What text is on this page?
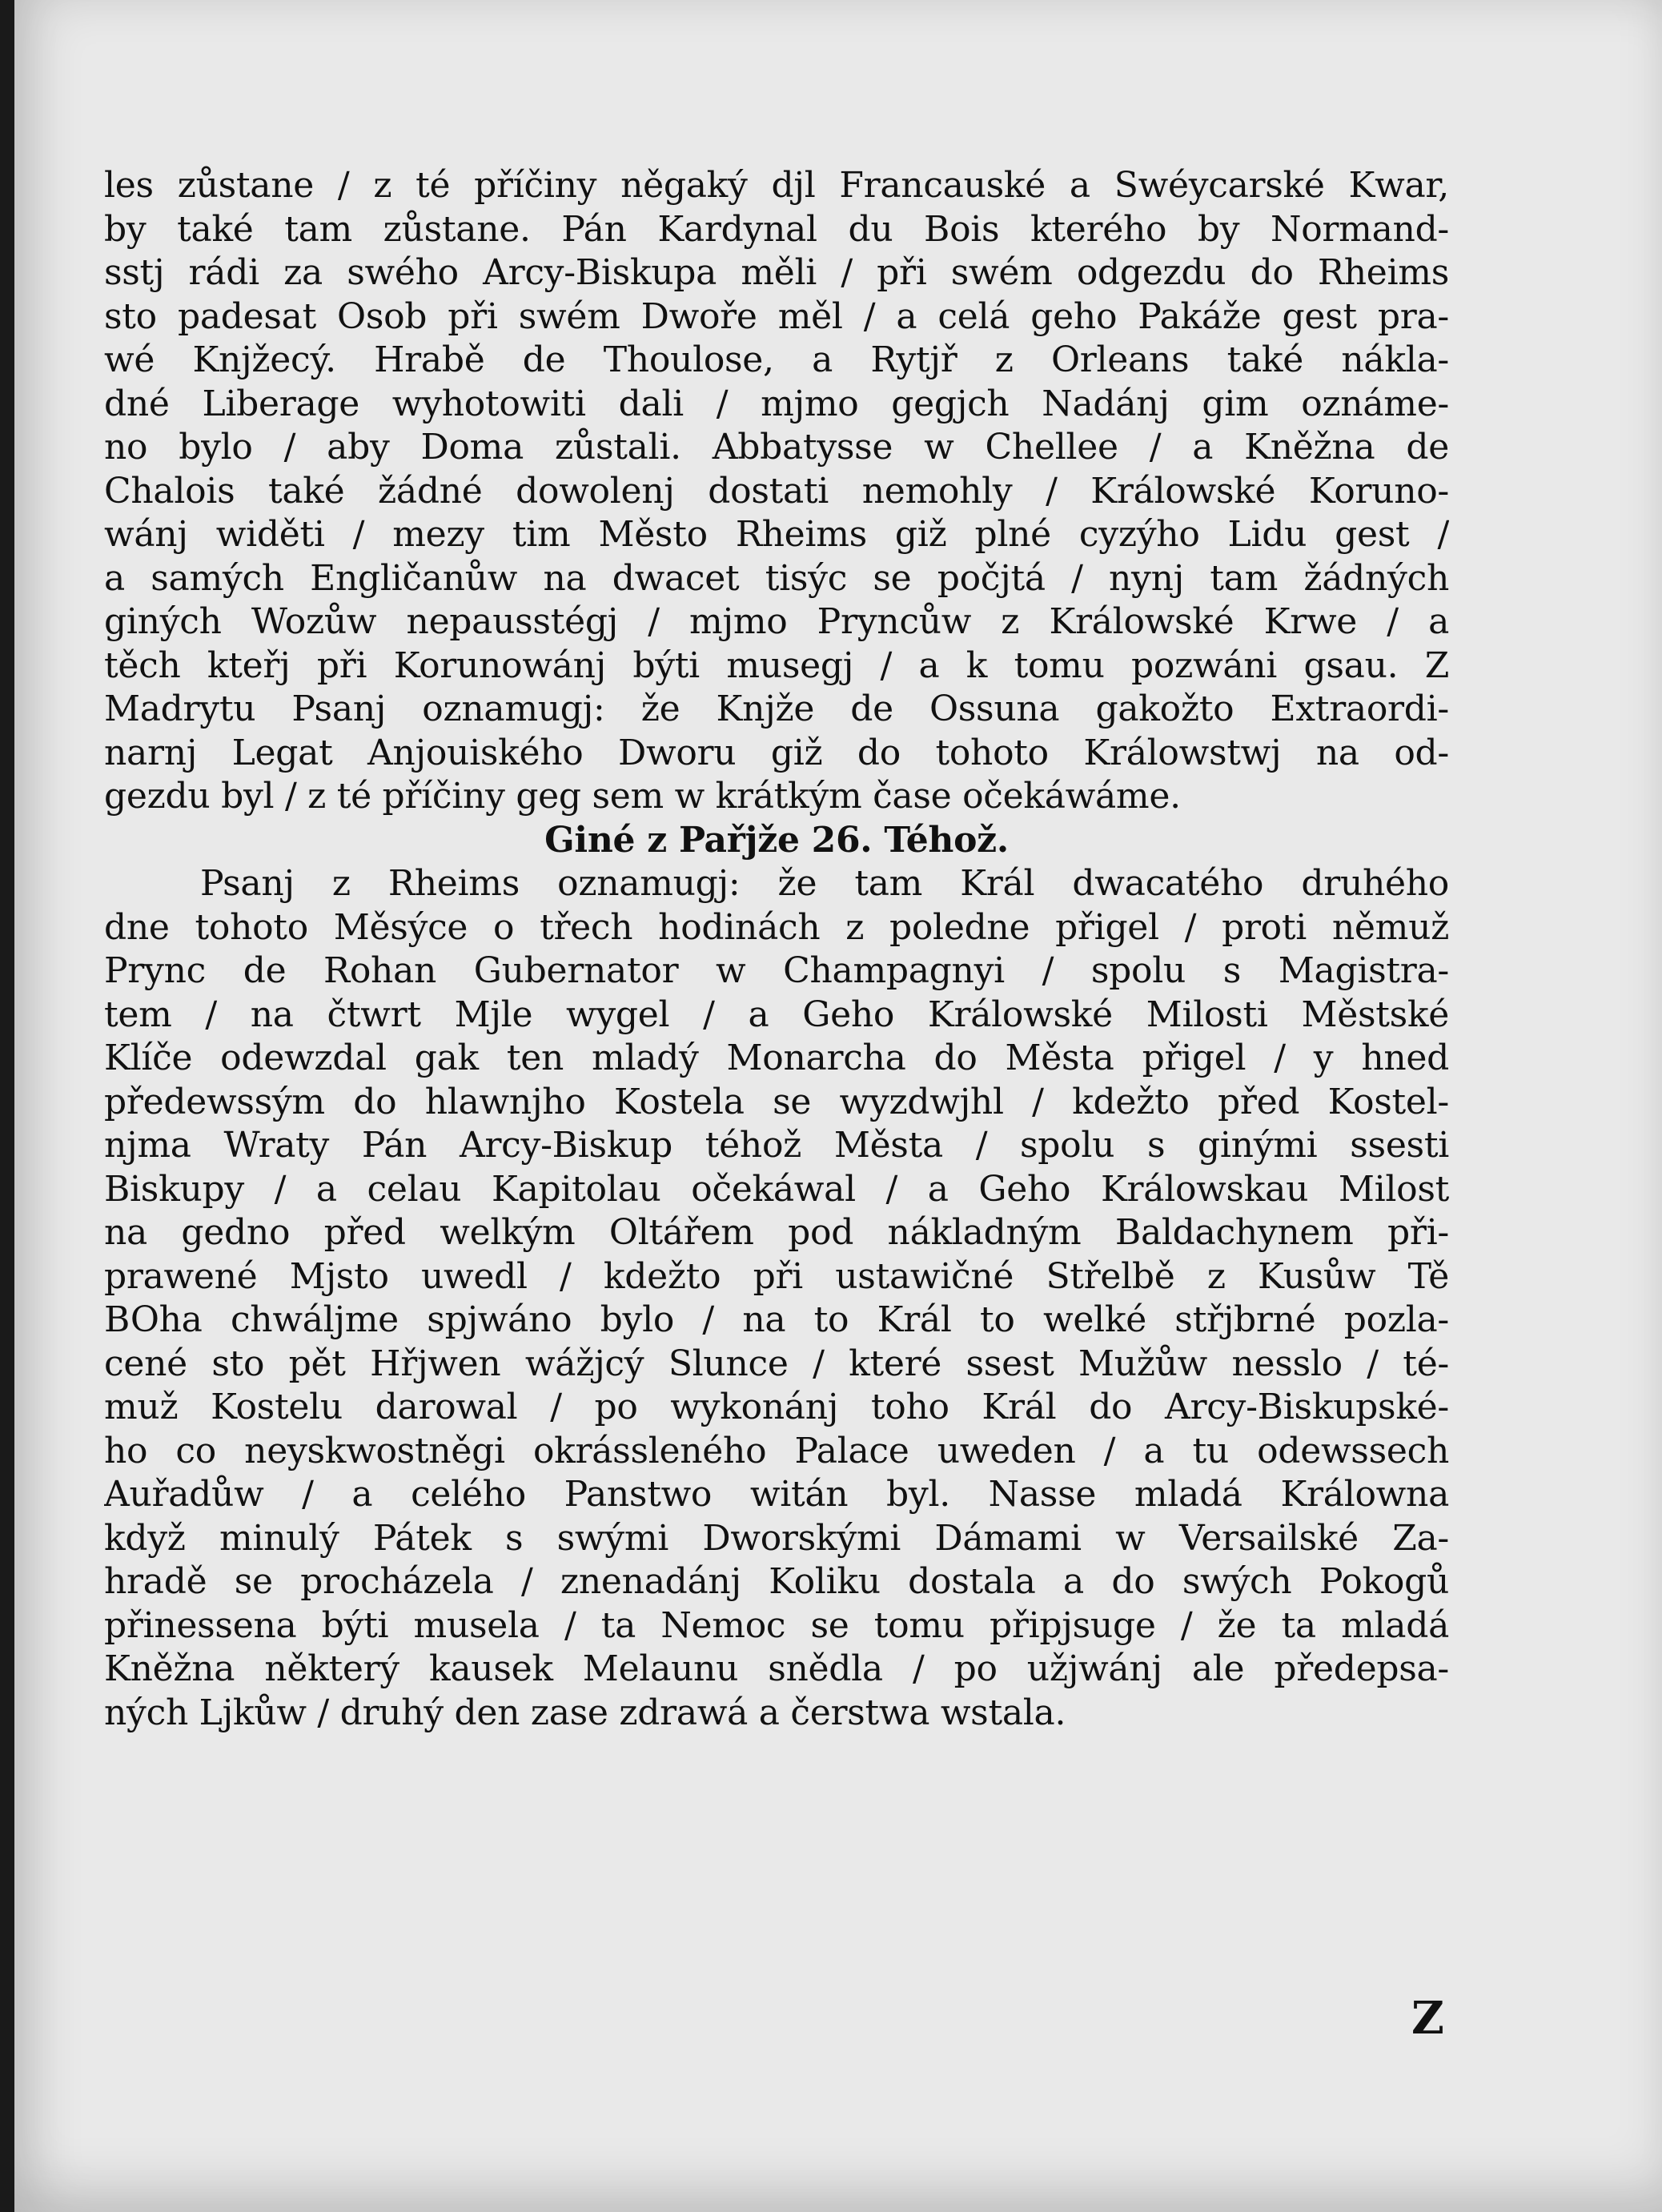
les zůstane / z té příčiny něgaký djl Francauské a Swéycarské Kwar,
by také tam zůstane. Pán Kardynal du Bois kterého by Normand-
sstj rádi za swého Arcy-Biskupa měli / při swém odgezdu do Rheims
sto padesat Osob při swém Dwoře měl / a celá geho Pakáže gest pra-
wé Knjžecý. Hrabě de Thoulose, a Rytjř z Orleans také nákla-
dné Liberage wyhotowiti dali / mjmo gegjch Nadánj gim oznáme-
no bylo / aby Doma zůstali. Abbatysse w Chellee / a Kněžna de
Chalois také žádné dowolenj dostati nemohly / Králowské Koruno-
wánj widěti / mezy tim Město Rheims giž plné cyzýho Lidu gest /
a samých Engličanůw na dwacet tisýc se počjtá / nynj tam žádných
giných Wozůw nepausstégj / mjmo Pryncůw z Králowské Krwe / a
těch kteřj při Korunowánj býti musegj / a k tomu pozwáni gsau. Z
Madrytu Psanj oznamugj: že Knjže de Ossuna gakožto Extraordi-
narnj Legat Anjouiského Dworu giž do tohoto Králowstwj na od-
gezdu byl / z té příčiny geg sem w krátkým čase očekáwáme.
Giné z Pařjže 26. Téhož.
Psanj z Rheims oznamugj: že tam Král dwacatého druhého
dne tohoto Měsýce o třech hodinách z poledne přigel / proti němuž
Prync de Rohan Gubernator w Champagnyi / spolu s Magistra-
tem / na čtwrt Mjle wygel / a Geho Králowské Milosti Městské
Klíče odewzdal gak ten mladý Monarcha do Města přigel / y hned
předewssým do hlawnjho Kostela se wyzdwjhl / kdežto před Kostel-
njma Wraty Pán Arcy-Biskup téhož Města / spolu s ginými ssesti
Biskupy / a celau Kapitolau očekáwal / a Geho Králowskau Milost
na gedno před welkým Oltářem pod nákladným Baldachynem při-
prawené Mjsto uwedl / kdežto při ustawičné Střelbě z Kusůw Tě
BOha chwáljme spjwáno bylo / na to Král to welké střjbrné pozla-
cené sto pět Hřjwen wážjcý Slunce / které ssest Mužůw nesslo / té-
muž Kostelu darowal / po wykonánj toho Král do Arcy-Biskupské-
ho co neyskwostněgi okrássleného Palace uweden / a tu odewssech
Auřadůw / a celého Panstwo witán byl. Nasse mladá Králowna
když minulý Pátek s swými Dworskými Dámami w Versailské Za-
hradě se procházela / znenadánj Koliku dostala a do swých Pokogů
přinessena býti musela / ta Nemoc se tomu připjsuge / že ta mladá
Kněžna některý kausek Melaunu snědla / po užjwánj ale předepsa-
ných Ljkůw / druhý den zase zdrawá a čerstwa wstala.
Z
